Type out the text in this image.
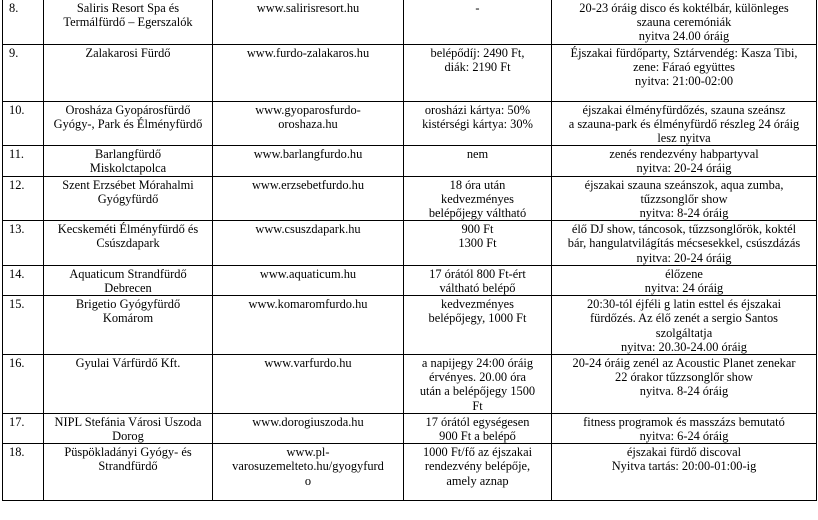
8.	Saliris Resort Spa és
Termálfürdő – Egerszalók	www.salirisresort.hu	-	20-23 óráig disco és koktélbár, különleges
szauna ceremóniák
nyitva 24.00 óráig

9.	Zalakarosi Fürdő	www.furdo-zalakaros.hu	belépődíj: 2490 Ft,
diák: 2190 Ft	Éjszakai fürdőparty, Sztárvendég: Kasza Tibi,
zene: Fáraó együttes
nyitva: 21:00-02:00

10.	Orosháza Gyopárosfürdő
Gyógy-, Park és Élményfürdő	www.gyoparosfurdo-
oroshaza.hu	orosházi kártya: 50%
kistérségi kártya: 30%	éjszakai élményfürdőzés, szauna szeánsz
a szauna-park és élményfürdő részleg 24 óráig
lesz nyitva

11.	Barlangfürdő
Miskolctapolca	www.barlangfurdo.hu	nem	zenés rendezvény habpartyval
nyitva: 20-24 óráig

12.	Szent Erzsébet Mórahalmi
Gyógyfürdő	www.erzsebetfurdo.hu	18 óra után
kedvezményes
belépőjegy váltható	éjszakai szauna szeánszok, aqua zumba,
tűzzsonglőr show
nyitva: 8-24 óráig

13.	Kecskeméti Élményfürdő és
Csúszdapark	www.csuszdapark.hu	900 Ft
1300 Ft	élő DJ show, táncosok, tűzzsonglőrök, koktél
bár, hangulatvilágítás mécsesekkel, csúszdázás
nyitva: 20-24 óráig

14.	Aquaticum Strandfürdő
Debrecen	www.aquaticum.hu	17 órától 800 Ft-ért
váltható belépő	élőzene
nyitva: 24 óráig

15.	Brigetio Gyógyfürdő
Komárom	www.komaromfurdo.hu	kedvezményes
belépőjegy, 1000 Ft	20:30-tól éjféli g latin esttel és éjszakai
fürdőzés. Az élő zenét a sergio Santos
szolgáltatja
nyitva: 20.30-24.00 óráig

16.	Gyulai Várfürdő Kft.	www.varfurdo.hu	a napijegy 24:00 óráig
érvényes. 20.00 óra
után a belépőjegy 1500
Ft	20-24 óráig zenél az Acoustic Planet zenekar
22 órakor tűzzsonglőr show
nyitva. 8-24 óráig

17.	NIPL Stefánia Városi Uszoda
Dorog	www.dorogiuszoda.hu	17 órától egységesen
900 Ft a belépő	fitness programok és masszázs bemutató
nyitva: 6-24 óráig

18.	Püspökladányi Gyógy- és
Strandfürdő	www.pl-
varosuzemelteto.hu/gyogyfurd
o	1000 Ft/fő az éjszakai
rendezvény belépője,
amely aznap	éjszakai fürdő discoval
Nyitva tartás: 20:00-01:00-ig
